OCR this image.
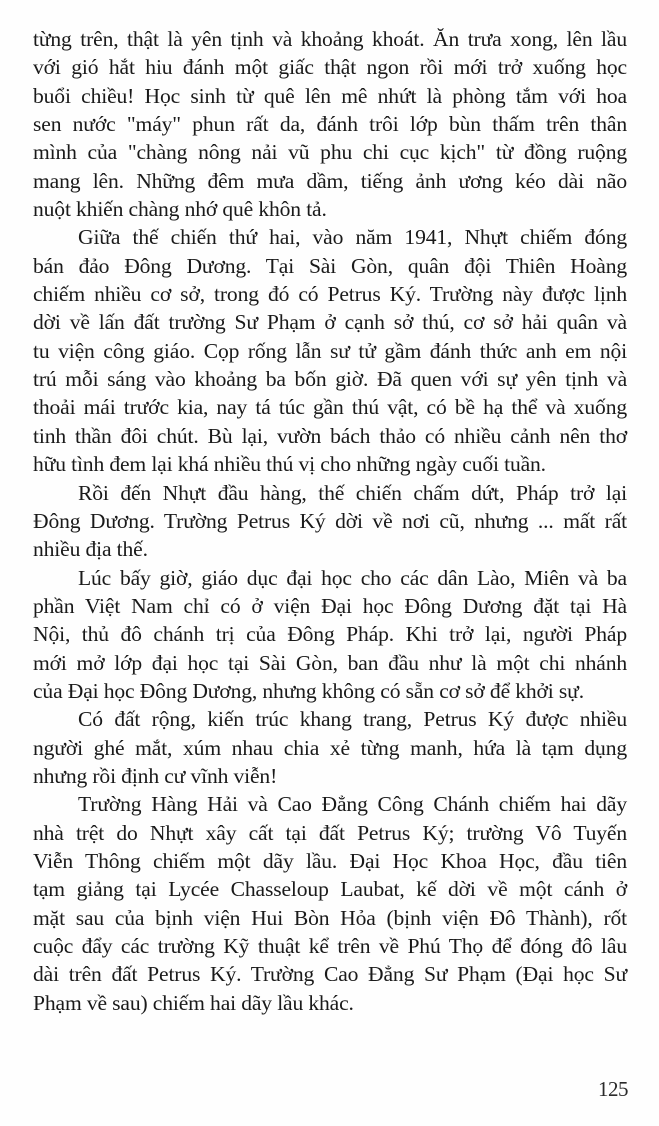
từng trên, thật là yên tịnh và khoảng khoát. Ăn trưa xong, lên lầu
với gió hắt hiu đánh một giấc thật ngon rồi mới trở xuống học
buổi chiều! Học sinh từ quê lên mê nhứt là phòng tắm với hoa
sen nước "máy" phun rất da, đánh trôi lớp bùn thấm trên thân
mình của "chàng nông nải vũ phu chi cục kịch" từ đồng ruộng
mang lên. Những đêm mưa dầm, tiếng ảnh ương kéo dài não
nuột khiến chàng nhớ quê khôn tả.

Giữa thế chiến thứ hai, vào năm 1941, Nhựt chiếm đóng
bán đảo Đông Dương. Tại Sài Gòn, quân đội Thiên Hoàng
chiếm nhiều cơ sở, trong đó có Petrus Ký. Trường này được lịnh
dời về lấn đất trường Sư Phạm ở cạnh sở thú, cơ sở hải quân và
tu viện công giáo. Cọp rống lẫn sư tử gầm đánh thức anh em nội
trú mỗi sáng vào khoảng ba bốn giờ. Đã quen với sự yên tịnh và
thoải mái trước kia, nay tá túc gần thú vật, có bề hạ thể và xuống
tinh thần đôi chút. Bù lại, vườn bách thảo có nhiều cảnh nên thơ
hữu tình đem lại khá nhiều thú vị cho những ngày cuối tuần.

Rồi đến Nhựt đầu hàng, thế chiến chấm dứt, Pháp trở lại
Đông Dương. Trường Petrus Ký dời về nơi cũ, nhưng ... mất rất
nhiều địa thế.

Lúc bấy giờ, giáo dục đại học cho các dân Lào, Miên và ba
phần Việt Nam chỉ có ở viện Đại học Đông Dương đặt tại Hà
Nội, thủ đô chánh trị của Đông Pháp. Khi trở lại, người Pháp
mới mở lớp đại học tại Sài Gòn, ban đầu như là một chi nhánh
của Đại học Đông Dương, nhưng không có sẵn cơ sở để khởi sự.

Có đất rộng, kiến trúc khang trang, Petrus Ký được nhiều
người ghé mắt, xúm nhau chia xẻ từng manh, hứa là tạm dụng
nhưng rồi định cư vĩnh viễn!

Trường Hàng Hải và Cao Đẳng Công Chánh chiếm hai dãy
nhà trệt do Nhựt xây cất tại đất Petrus Ký; trường Vô Tuyến
Viễn Thông chiếm một dãy lầu. Đại Học Khoa Học, đầu tiên
tạm giảng tại Lycée Chasseloup Laubat, kế dời về một cánh ở
mặt sau của bịnh viện Hui Bòn Hỏa (bịnh viện Đô Thành), rốt
cuộc đẩy các trường Kỹ thuật kể trên về Phú Thọ để đóng đô lâu
dài trên đất Petrus Ký. Trường Cao Đẳng Sư Phạm (Đại học Sư
Phạm về sau) chiếm hai dãy lầu khác.

125
